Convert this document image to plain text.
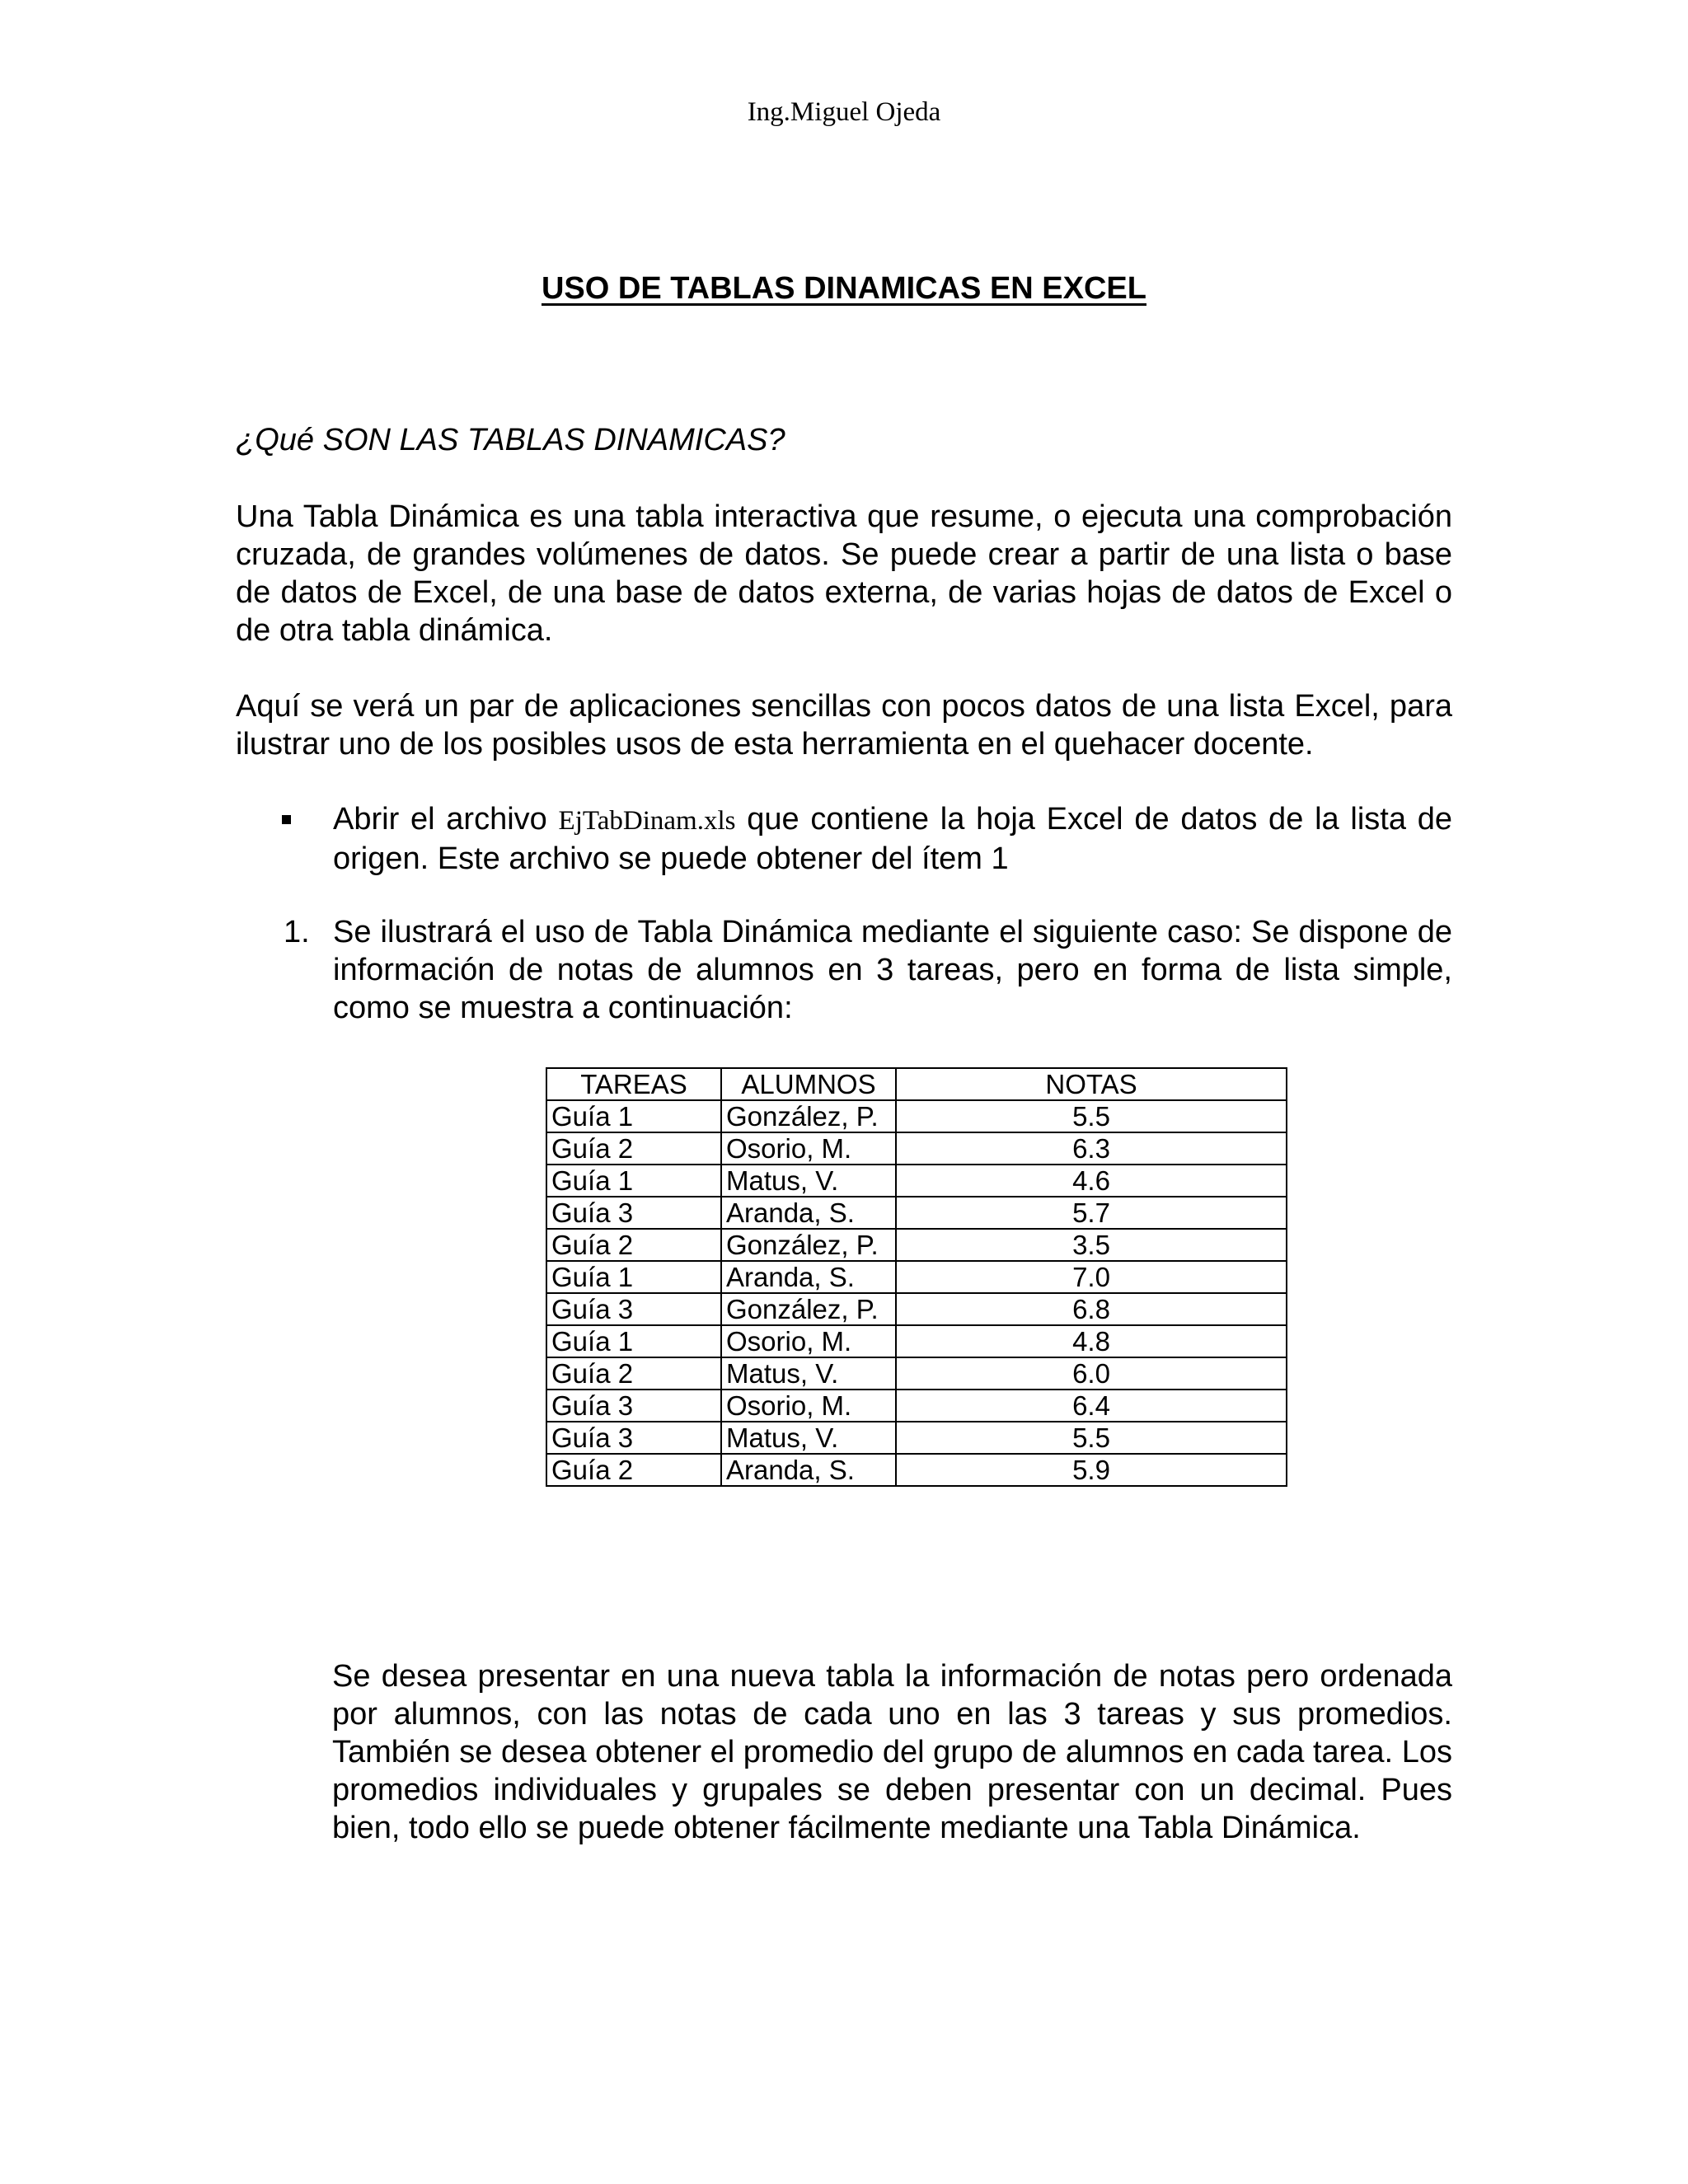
Ing.Miguel Ojeda
USO DE TABLAS DINAMICAS EN EXCEL
¿Qué SON LAS TABLAS DINAMICAS?
Una Tabla Dinámica es una tabla interactiva que resume, o ejecuta una comprobación cruzada, de grandes volúmenes de datos. Se puede crear a partir de una lista o base de datos de Excel, de una base de datos externa, de varias hojas de datos de Excel o de otra tabla dinámica.
Aquí se verá un par de aplicaciones sencillas con pocos datos de una lista Excel, para ilustrar uno de los posibles usos de esta herramienta en el quehacer docente.
Abrir el archivo EjTabDinam.xls que contiene la hoja Excel de datos de la lista de origen. Este archivo se puede obtener del ítem 1
1. Se ilustrará el uso de Tabla Dinámica mediante el siguiente caso: Se dispone de información de notas de alumnos en 3 tareas, pero en forma de lista simple, como se muestra a continuación:
TAREAS	ALUMNOS	NOTAS
Guía 1	González, P.	5.5
Guía 2	Osorio, M.	6.3
Guía 1	Matus, V.	4.6
Guía 3	Aranda, S.	5.7
Guía 2	González, P.	3.5
Guía 1	Aranda, S.	7.0
Guía 3	González, P.	6.8
Guía 1	Osorio, M.	4.8
Guía 2	Matus, V.	6.0
Guía 3	Osorio, M.	6.4
Guía 3	Matus, V.	5.5
Guía 2	Aranda, S.	5.9
Se desea presentar en una nueva tabla la información de notas pero ordenada por alumnos, con las notas de cada uno en las 3 tareas y sus promedios. También se desea obtener el promedio del grupo de alumnos en cada tarea. Los promedios individuales y grupales se deben presentar con un decimal. Pues bien, todo ello se puede obtener fácilmente mediante una Tabla Dinámica.
